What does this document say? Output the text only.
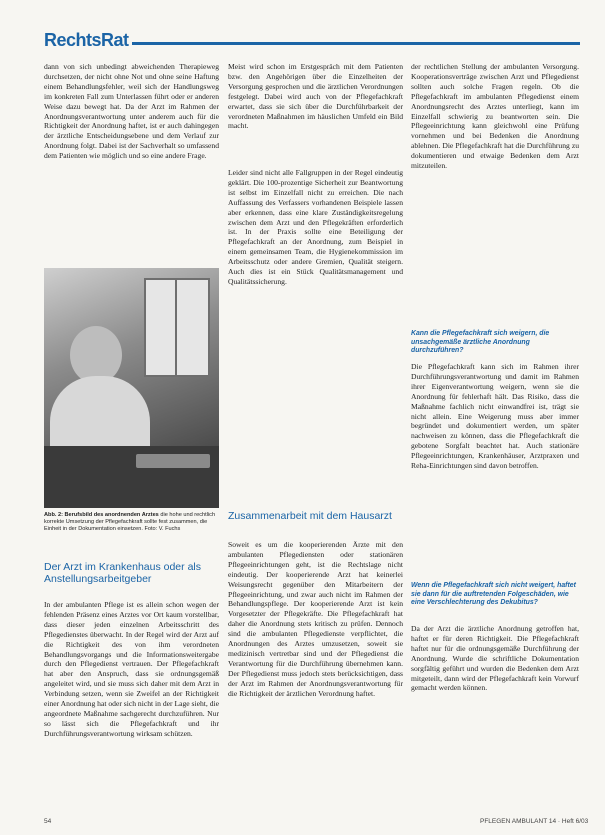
RechtsRat

dann von sich unbedingt abweichenden Therapieweg durchsetzen, der nicht ohne Not und ohne seine Haftung einem Behandlungsfehler, weil sich der Handlungsweg im konkreten Fall zum Unterlassen führt oder er anderen Weise dazu bewegt hat. Da der Arzt im Rahmen der Anordnungsverantwortung unter anderem auch für die Richtigkeit der Anordnung haftet, ist er auch dahingegen der ärztliche Entscheidungsebene und dem Verlauf zur Anordnung folgt. Dabei ist der Sachverhalt so umfassend dem Patienten wie möglich und so eine andere Frage.

Abb. 2: Berufsbild des anordnenden Arztes die hohe und rechtlich korrekte Umsetzung der Pflegefachkraft sollte fest zusammen, die Einheit in der Dokumentation einsetzen. Foto: V. Fuchs
Der Arzt im Krankenhaus oder als Anstellungsarbeitgeber

In der ambulanten Pflege ist es allein schon wegen der fehlenden Präsenz eines Arztes vor Ort kaum vorstellbar, dass dieser jeden einzelnen Arbeitsschritt des Pflegedienstes überwacht. In der Regel wird der Arzt auf die Richtigkeit des von ihm verordneten Behandlungsvorgangs und die Informationsweitergabe durch den Pflegedienst vertrauen. Der Pflegefachkraft hat aber den Anspruch, dass sie ordnungsgemäß angeleitet wird, und sie muss sich daher mit dem Arzt in Verbindung setzen, wenn sie Zweifel an der Richtigkeit einer Anordnung hat oder sich nicht in der Lage sieht, die angeordnete Maßnahme sachgerecht durchzuführen. Nur so lässt sich die Pflegefachkraft und ihr Durchführungsverantwortung wirksam schützen.

Meist wird schon im Erstgespräch mit dem Patienten bzw. den Angehörigen über die Einzelheiten der Versorgung gesprochen und die ärztlichen Verordnungen festgelegt. Dabei wird auch von der Pflegefachkraft erwartet, dass sie sich über die Durchführbarkeit der verordneten Maßnahmen im häuslichen Umfeld ein Bild macht.

Leider sind nicht alle Fallgruppen in der Regel eindeutig geklärt. Die 100-prozentige Sicherheit zur Beantwortung ist selbst im Einzelfall nicht zu erreichen. Die nach Auffassung des Verfassers vorhandenen Beispiele lassen aber erkennen, dass eine klare Zuständigkeitsregelung zwischen dem Arzt und den Pflegekräften erforderlich ist. In der Praxis sollte eine Beteiligung der Pflegefachkraft an der Anordnung, zum Beispiel in einem gemeinsamen Team, die Hygienekommission im Arbeitsschutz oder andere Gremien, Qualität steigern. Auch dies ist ein Stück Qualitätsmanagement und Qualitätssicherung.

Zusammenarbeit mit dem Hausarzt

Soweit es um die kooperierenden Ärzte mit den ambulanten Pflegediensten oder stationären Pflegeeinrichtungen geht, ist die Rechtslage nicht eindeutig. Der kooperierende Arzt hat keinerlei Weisungsrecht gegenüber den Mitarbeitern der Pflegeeinrichtung, und zwar auch nicht im Rahmen der Behandlungspflege. Der kooperierende Arzt ist kein Vorgesetzter der Pflegekräfte. Die Pflegefachkraft hat daher die Anordnung stets kritisch zu prüfen. Dennoch sind die ambulanten Pflegedienste verpflichtet, die Anordnungen des Arztes umzusetzen, soweit sie medizinisch vertretbar sind und der Pflegedienst die Verantwortung für die Durchführung übernehmen kann. Der Pflegedienst muss jedoch stets berücksichtigen, dass der Arzt im Rahmen der Anordnungsverantwortung für die Richtigkeit der ärztlichen Verordnung haftet.

der rechtlichen Stellung der ambulanten Versorgung. Kooperationsverträge zwischen Arzt und Pflegedienst sollten auch solche Fragen regeln. Ob die Pflegefachkraft im ambulanten Pflegedienst einem Anordnungsrecht des Arztes unterliegt, kann im Einzelfall schwierig zu beantworten sein. Die Pflegeeinrichtung kann gleichwohl eine Prüfung vornehmen und bei Bedenken die Anordnung ablehnen. Die Pflegefachkraft hat die Durchführung zu dokumentieren und etwaige Bedenken dem Arzt mitzuteilen.

Kann die Pflegefachkraft sich weigern, die unsachgemäße ärztliche Anordnung durchzuführen?

Die Pflegefachkraft kann sich im Rahmen ihrer Durchführungsverantwortung und damit im Rahmen ihrer Eigenverantwortung weigern, wenn sie die Anordnung für fehlerhaft hält. Das Risiko, dass die Maßnahme fachlich nicht einwandfrei ist, trägt sie nicht allein. Eine Weigerung muss aber immer begründet und dokumentiert werden, um später nachweisen zu können, dass die Pflegefachkraft die gebotene Sorgfalt beachtet hat. Auch stationäre Pflegeeinrichtungen, Krankenhäuser, Arztpraxen und Reha-Einrichtungen sind davon betroffen.

Wenn die Pflegefachkraft sich nicht weigert, haftet sie dann für die auftretenden Folgeschäden, wie eine Verschlechterung des Dekubitus?

Da der Arzt die ärztliche Anordnung getroffen hat, haftet er für deren Richtigkeit. Die Pflegefachkraft haftet nur für die ordnungsgemäße Durchführung der Anordnung. Wurde die schriftliche Dokumentation sorgfältig geführt und wurden die Bedenken dem Arzt mitgeteilt, dann wird der Pflegefachkraft kein Vorwurf gemacht werden können.

54	PFLEGEN AMBULANT 14 · Heft 6/03
